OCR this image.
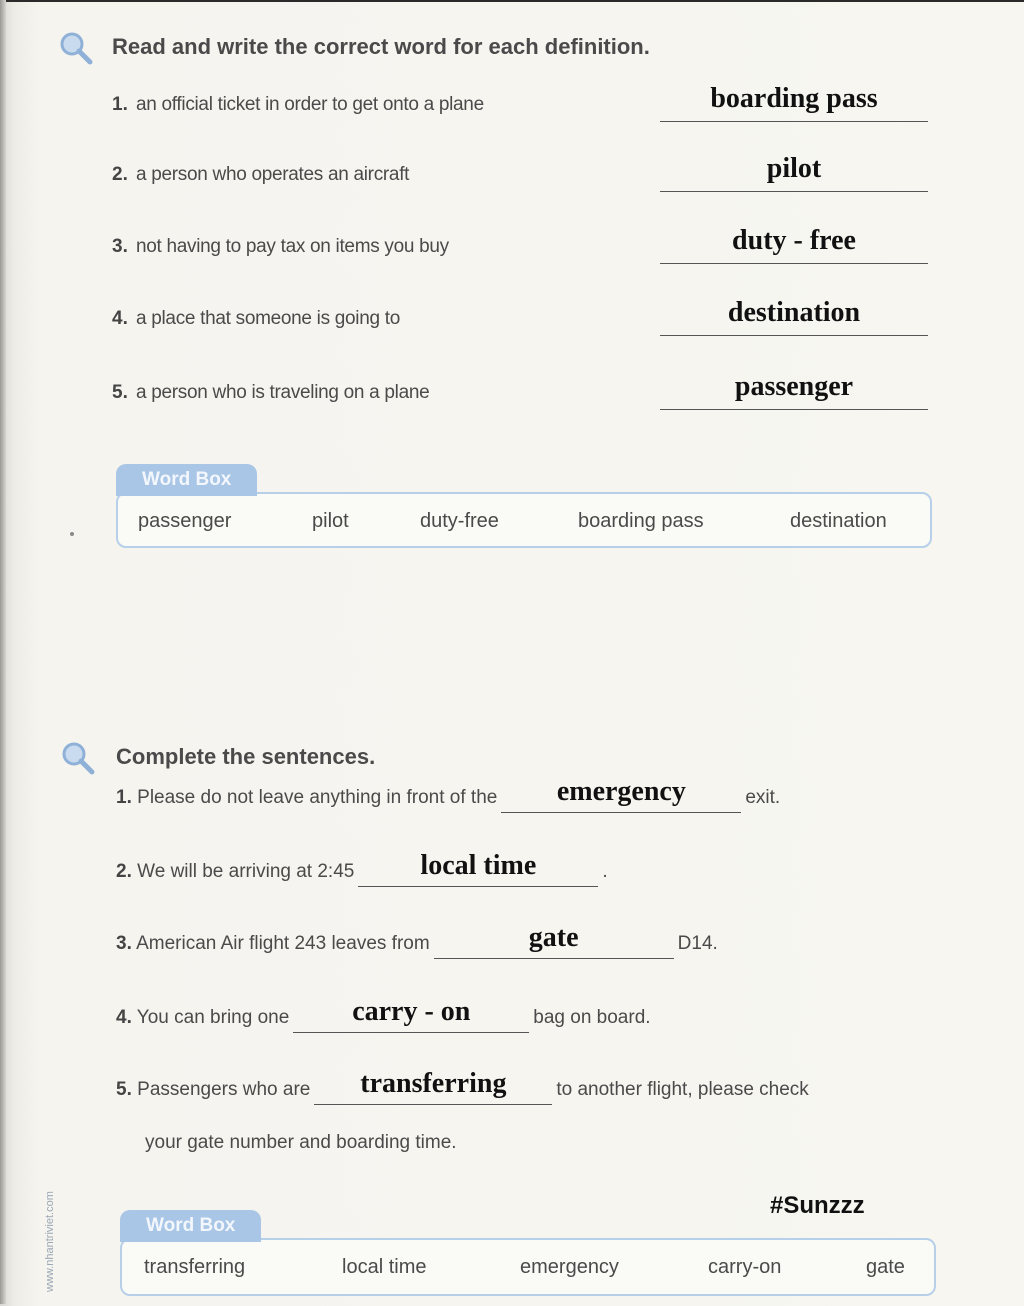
Read and write the correct word for each definition.
1. an official ticket in order to get onto a plane	boarding pass
2. a person who operates an aircraft	pilot
3. not having to pay tax on items you buy	duty - free
4. a place that someone is going to	destination
5. a person who is traveling on a plane	passenger
Word Box
passenger	pilot	duty-free	boarding pass	destination
Complete the sentences.
1. Please do not leave anything in front of the	emergency	exit.
2. We will be arriving at 2:45	local time	.
3. American Air flight 243 leaves from	gate	D14.
4. You can bring one	carry - on	bag on board.
5. Passengers who are	transferring	to another flight, please check
your gate number and boarding time.
#Sunzzz
Word Box
transferring	local time	emergency	carry-on	gate
www.nhantriviet.com
